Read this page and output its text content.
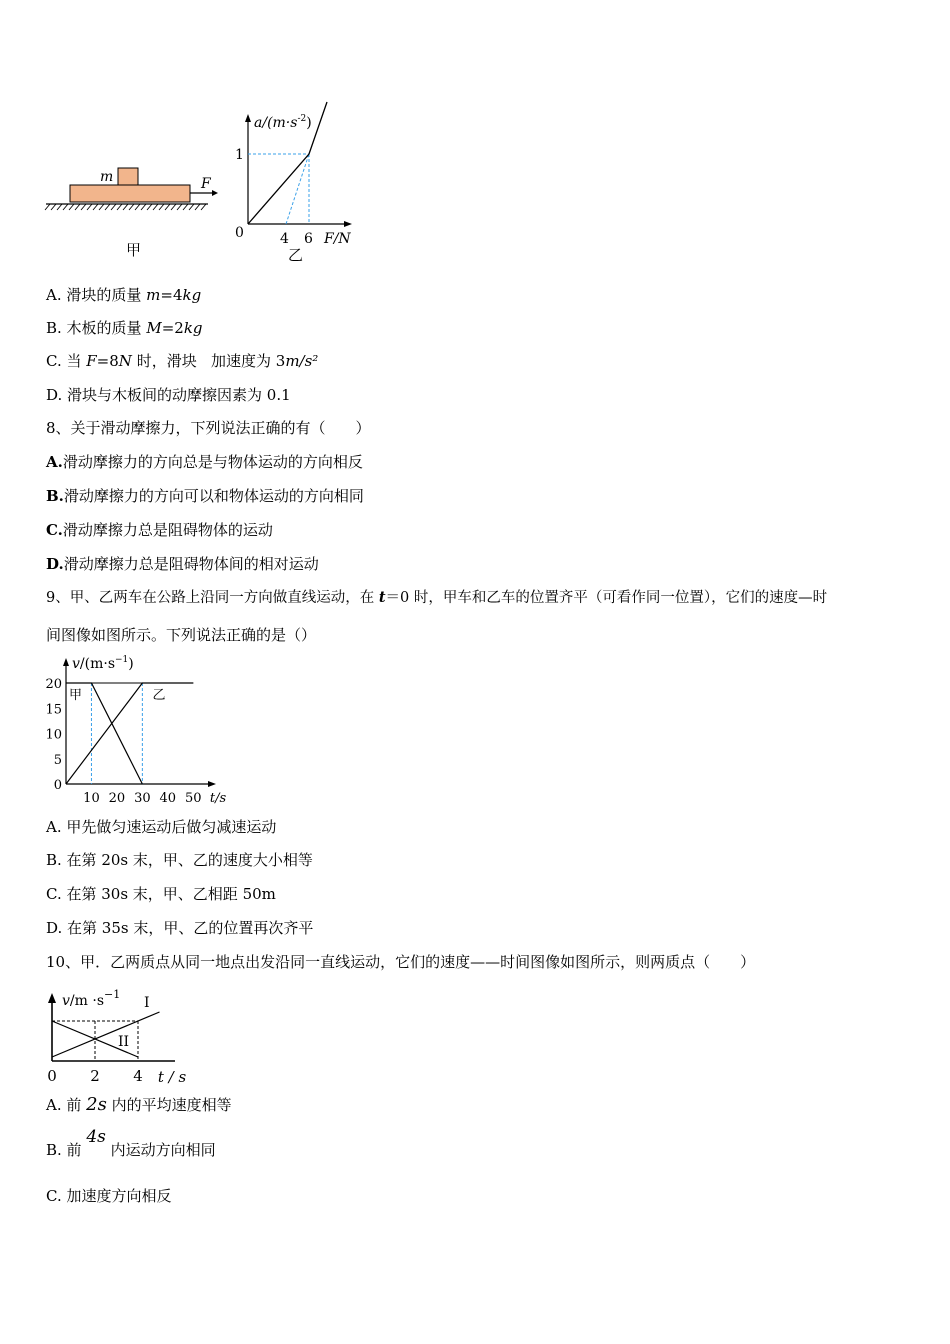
m	F
甲
$a/(m\cdot s^{-2})$
1
0	4 6 F/N
乙
A. 滑块的质量 m=4kg
B. 木板的质量 M=2kg
C. 当 F=8N 时，滑块   加速度为 3m/s²
D. 滑块与木板间的动摩擦因素为 0.1
8、关于滑动摩擦力，下列说法正确的有（　　）
A.滑动摩擦力的方向总是与物体运动的方向相反
B.滑动摩擦力的方向可以和物体运动的方向相同
C.滑动摩擦力总是阻碍物体的运动
D.滑动摩擦力总是阻碍物体间的相对运动
9、甲、乙两车在公路上沿同一方向做直线运动，在 t＝0 时，甲车和乙车的位置齐平（可看作同一位置），它们的速度—时
间图像如图所示。下列说法正确的是（）
$v/(m\cdot s^{-1})$
0
5
10
15
20
10 20 30 40 50 t/s
甲	乙
A. 甲先做匀速运动后做匀减速运动
B. 在第 20s 末，甲、乙的速度大小相等
C. 在第 30s 末，甲、乙相距 50m
D. 在第 35s 末，甲、乙的位置再次齐平
10、甲．乙两质点从同一地点出发沿同一直线运动，它们的速度——时间图像如图所示，则两质点（　　）
$v/m \cdot s^{-1}$
0 2 4 t / s
I
II
A. 前 2s 内的平均速度相等
B. 前 4s 内运动方向相同
C. 加速度方向相反
